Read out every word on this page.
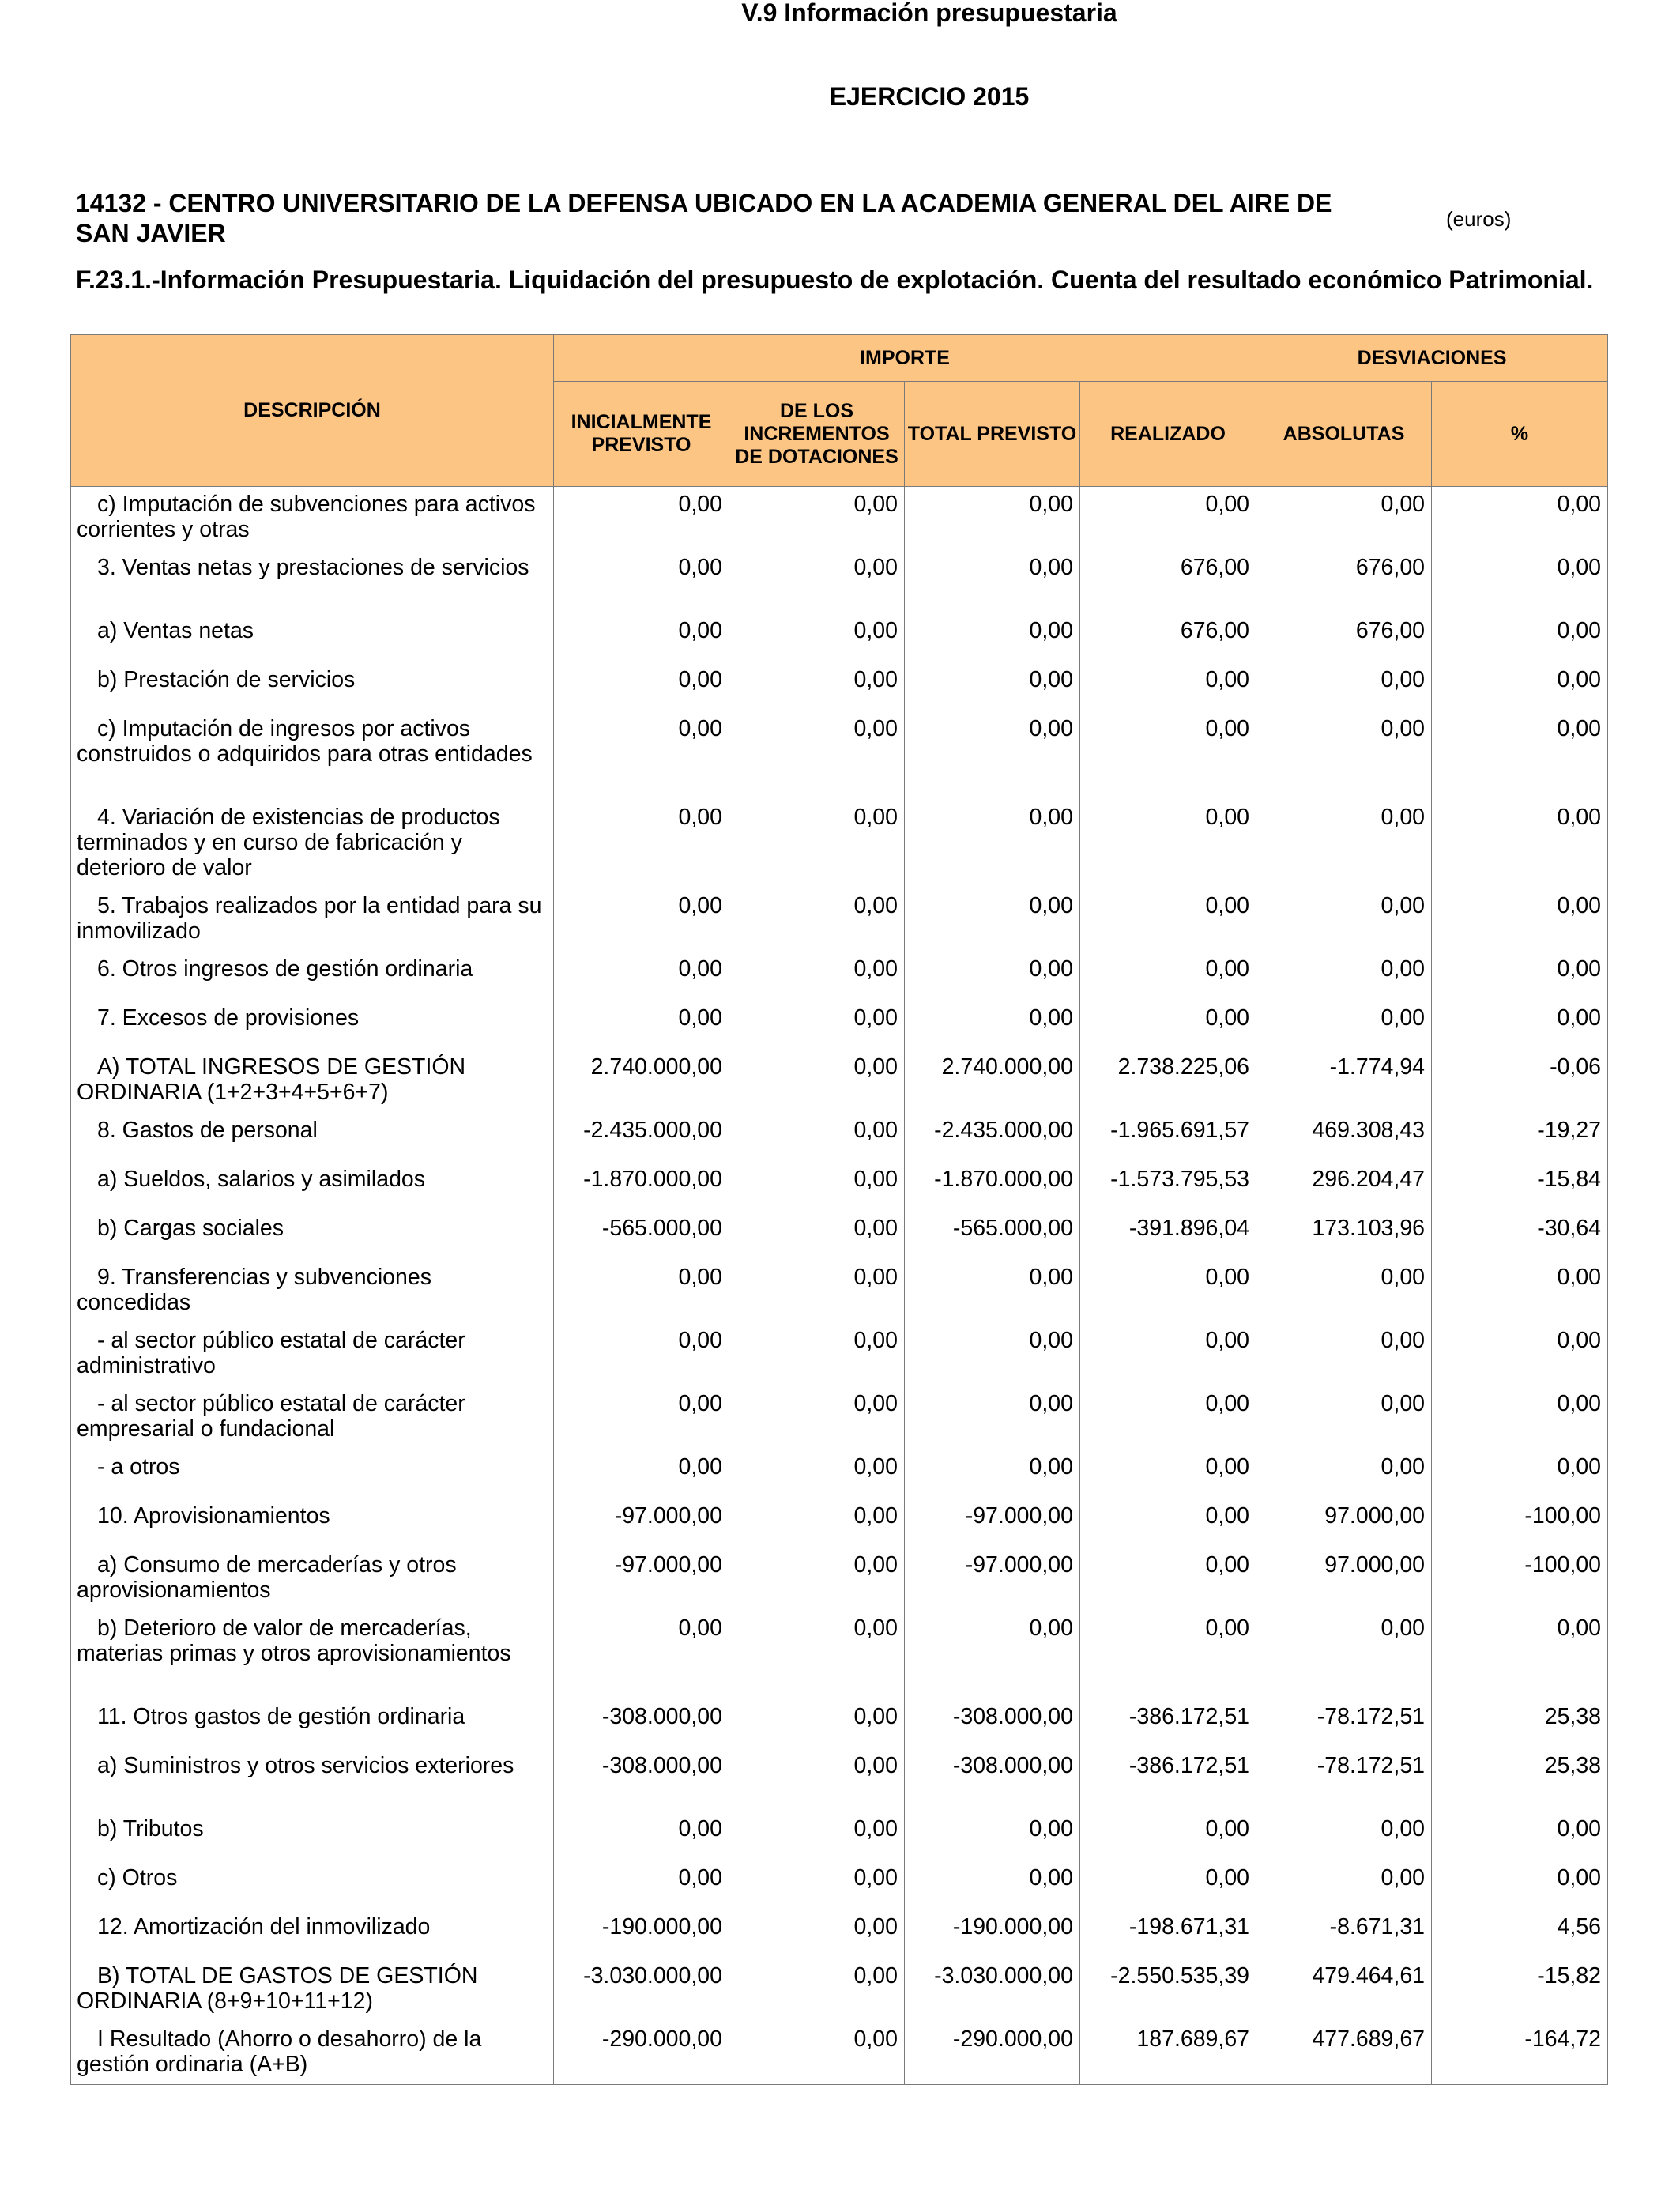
V.9 Información presupuestaria
EJERCICIO 2015
14132 - CENTRO UNIVERSITARIO DE LA DEFENSA UBICADO EN LA ACADEMIA GENERAL DEL AIRE DE SAN JAVIER	(euros)
F.23.1.-Información Presupuestaria. Liquidación del presupuesto de explotación. Cuenta del resultado económico Patrimonial.
DESCRIPCIÓN	IMPORTE				DESVIACIONES	
	INICIALMENTE PREVISTO	DE LOS INCREMENTOS DE DOTACIONES	TOTAL PREVISTO	REALIZADO	ABSOLUTAS	%
c) Imputación de subvenciones para activos corrientes y otras	0,00	0,00	0,00	0,00	0,00	0,00
3. Ventas netas y prestaciones de servicios	0,00	0,00	0,00	676,00	676,00	0,00
a) Ventas netas	0,00	0,00	0,00	676,00	676,00	0,00
b) Prestación de servicios	0,00	0,00	0,00	0,00	0,00	0,00
c) Imputación de ingresos por activos construidos o adquiridos para otras entidades	0,00	0,00	0,00	0,00	0,00	0,00
4. Variación de existencias de productos terminados y en curso de fabricación y deterioro de valor	0,00	0,00	0,00	0,00	0,00	0,00
5. Trabajos realizados por la entidad para su inmovilizado	0,00	0,00	0,00	0,00	0,00	0,00
6. Otros ingresos de gestión ordinaria	0,00	0,00	0,00	0,00	0,00	0,00
7. Excesos de provisiones	0,00	0,00	0,00	0,00	0,00	0,00
A) TOTAL INGRESOS DE GESTIÓN ORDINARIA (1+2+3+4+5+6+7)	2.740.000,00	0,00	2.740.000,00	2.738.225,06	-1.774,94	-0,06
8. Gastos de personal	-2.435.000,00	0,00	-2.435.000,00	-1.965.691,57	469.308,43	-19,27
a) Sueldos, salarios y asimilados	-1.870.000,00	0,00	-1.870.000,00	-1.573.795,53	296.204,47	-15,84
b) Cargas sociales	-565.000,00	0,00	-565.000,00	-391.896,04	173.103,96	-30,64
9. Transferencias y subvenciones concedidas	0,00	0,00	0,00	0,00	0,00	0,00
- al sector público estatal de carácter administrativo	0,00	0,00	0,00	0,00	0,00	0,00
- al sector público estatal de carácter empresarial o fundacional	0,00	0,00	0,00	0,00	0,00	0,00
- a otros	0,00	0,00	0,00	0,00	0,00	0,00
10. Aprovisionamientos	-97.000,00	0,00	-97.000,00	0,00	97.000,00	-100,00
a) Consumo de mercaderías y otros aprovisionamientos	-97.000,00	0,00	-97.000,00	0,00	97.000,00	-100,00
b) Deterioro de valor de mercaderías, materias primas y otros aprovisionamientos	0,00	0,00	0,00	0,00	0,00	0,00
11. Otros gastos de gestión ordinaria	-308.000,00	0,00	-308.000,00	-386.172,51	-78.172,51	25,38
a) Suministros y otros servicios exteriores	-308.000,00	0,00	-308.000,00	-386.172,51	-78.172,51	25,38
b) Tributos	0,00	0,00	0,00	0,00	0,00	0,00
c) Otros	0,00	0,00	0,00	0,00	0,00	0,00
12. Amortización del inmovilizado	-190.000,00	0,00	-190.000,00	-198.671,31	-8.671,31	4,56
B) TOTAL DE GASTOS DE GESTIÓN ORDINARIA (8+9+10+11+12)	-3.030.000,00	0,00	-3.030.000,00	-2.550.535,39	479.464,61	-15,82
I Resultado (Ahorro o desahorro) de la gestión ordinaria (A+B)	-290.000,00	0,00	-290.000,00	187.689,67	477.689,67	-164,72
